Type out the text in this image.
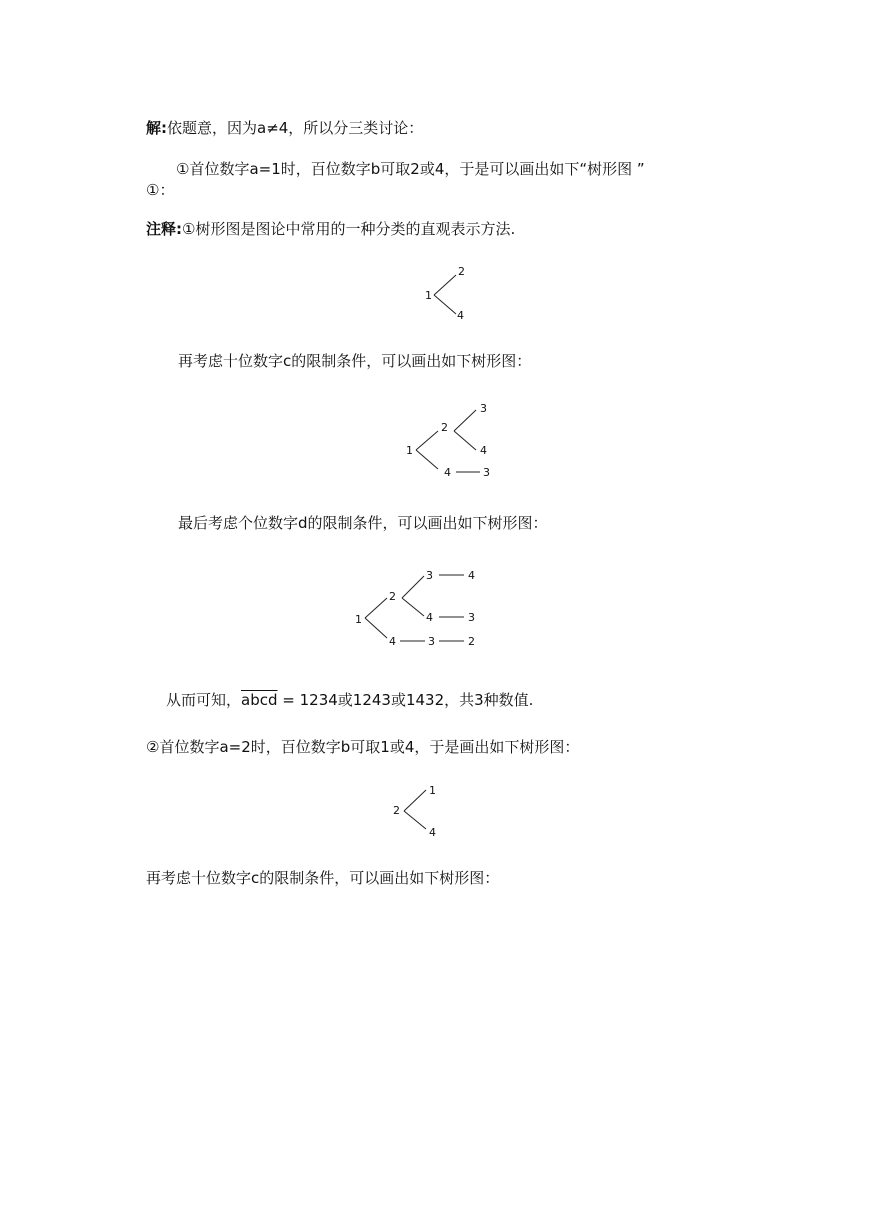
解:依题意，因为a≠4，所以分三类讨论：
①首位数字a=1时，百位数字b可取2或4，于是可以画出如下“树形图 ”
①：
注释:①树形图是图论中常用的一种分类的直观表示方法.
1
2
4
再考虑十位数字c的限制条件，可以画出如下树形图：
1
2
3
4
4	3
最后考虑个位数字d的限制条件，可以画出如下树形图：
1
2
3	4
4	3
4	3	2
从而可知，abcd = 1234或1243或1432，共3种数值.
②首位数字a=2时，百位数字b可取1或4，于是画出如下树形图：
2
1
4
再考虑十位数字c的限制条件，可以画出如下树形图：
